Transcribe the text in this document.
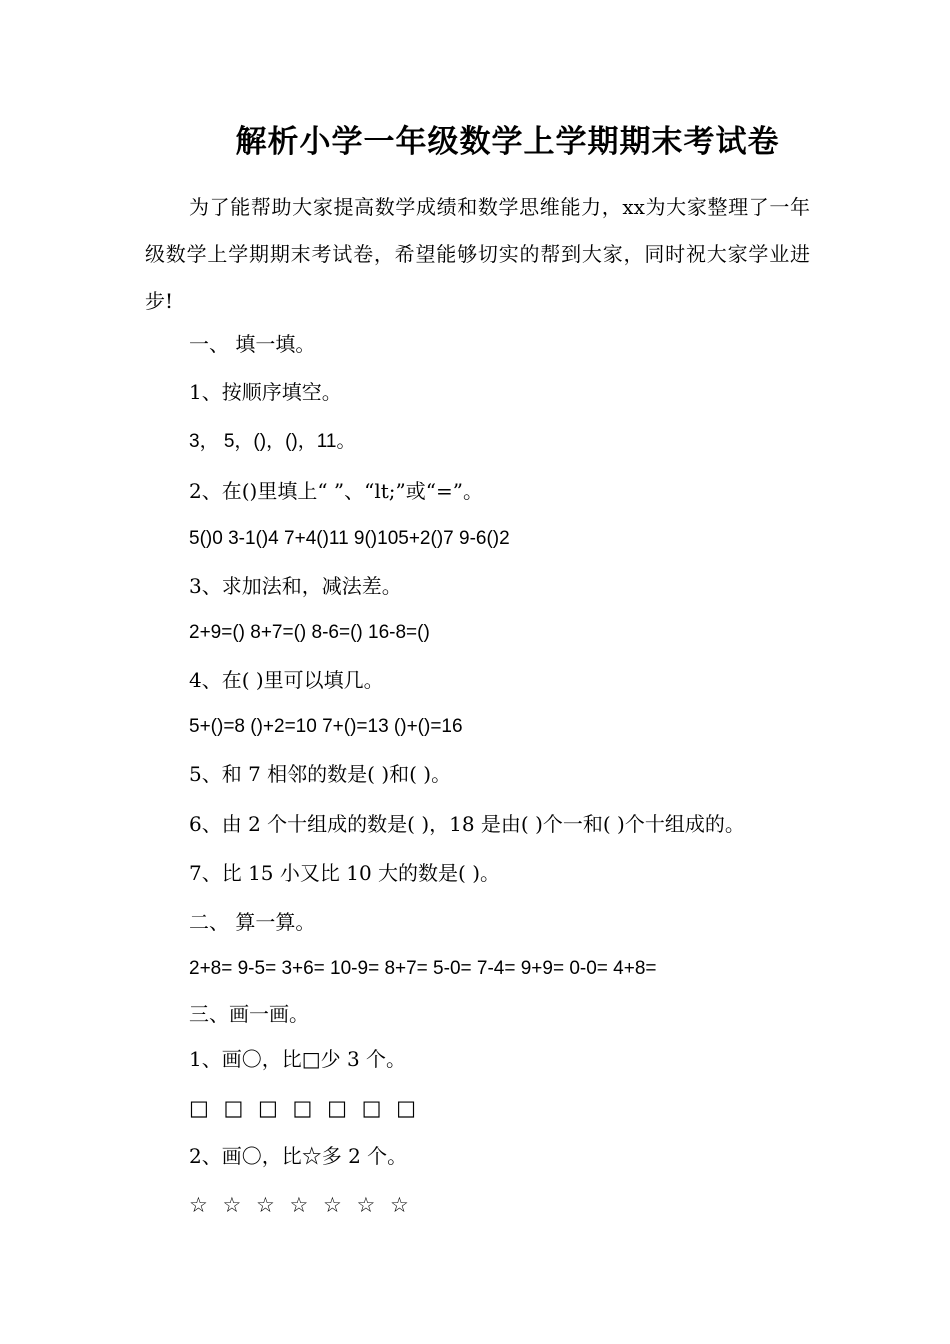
解析小学一年级数学上学期期末考试卷

为了能帮助大家提高数学成绩和数学思维能力，xx为大家整理了一年级数学上学期期末考试卷，希望能够切实的帮到大家，同时祝大家学业进步!

一、 填一填。

1、按顺序填空。

3， 5，()，()，11。

2、在()里填上“ ”、“lt;”或“=”。

5()0 3-1()4 7+4()11 9()105+2()7 9-6()2

3、求加法和，减法差。

2+9=() 8+7=() 8-6=() 16-8=()

4、在( )里可以填几。

5+()=8 ()+2=10 7+()=13 ()+()=16

5、和 7 相邻的数是( )和( )。

6、由 2 个十组成的数是( )，18 是由( )个一和( )个十组成的。

7、比 15 小又比 10 大的数是( )。

二、 算一算。

2+8= 9-5= 3+6= 10-9= 8+7= 5-0= 7-4= 9+9= 0-0= 4+8=

三、画一画。

1、画〇，比□少 3 个。

□ □ □ □ □ □ □

2、画〇，比☆多 2 个。

☆ ☆ ☆ ☆ ☆ ☆ ☆
